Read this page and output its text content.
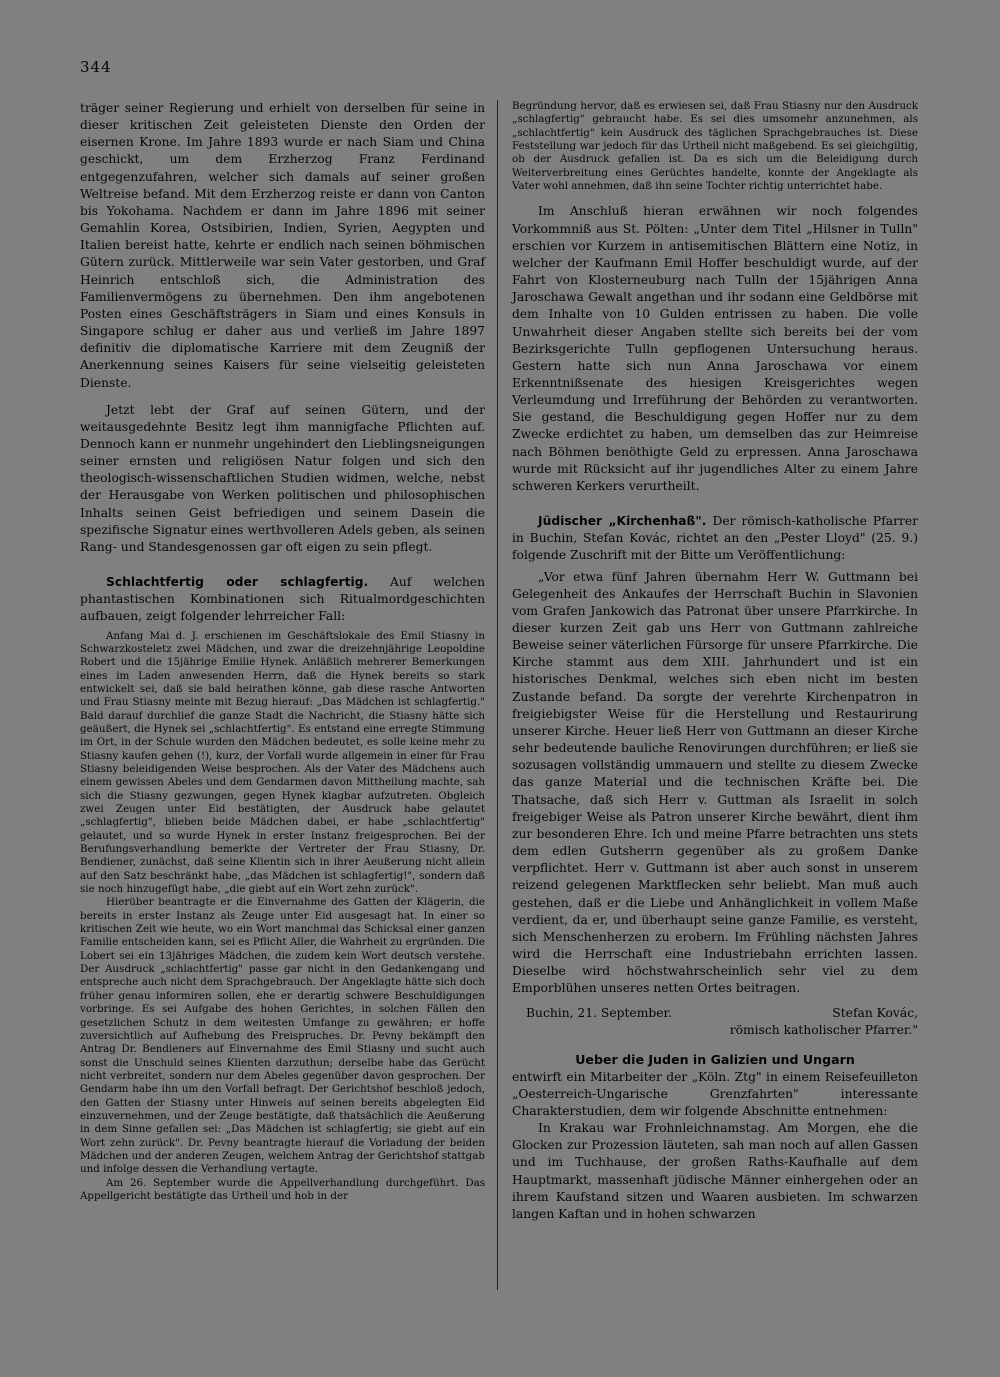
344

träger seiner Regierung und erhielt von derselben für seine in dieser kritischen Zeit geleisteten Dienste den Orden der eisernen Krone. Im Jahre 1893 wurde er nach Siam und China geschickt, um dem Erzherzog Franz Ferdinand entgegenzufahren, welcher sich damals auf seiner großen Weltreise befand. Mit dem Erzherzog reiste er dann von Canton bis Yokohama. Nachdem er dann im Jahre 1896 mit seiner Gemahlin Korea, Ostsibirien, Indien, Syrien, Aegypten und Italien bereist hatte, kehrte er endlich nach seinen böhmischen Gütern zurück. Mittlerweile war sein Vater gestorben, und Graf Heinrich entschloß sich, die Administration des Familienvermögens zu übernehmen. Den ihm angebotenen Posten eines Geschäftsträgers in Siam und eines Konsuls in Singapore schlug er daher aus und verließ im Jahre 1897 definitiv die diplomatische Karriere mit dem Zeugniß der Anerkennung seines Kaisers für seine vielseitig geleisteten Dienste.

Jetzt lebt der Graf auf seinen Gütern, und der weitausgedehnte Besitz legt ihm mannigfache Pflichten auf. Dennoch kann er nunmehr ungehindert den Lieblingsneigungen seiner ernsten und religiösen Natur folgen und sich den theologisch-wissenschaftlichen Studien widmen, welche, nebst der Herausgabe von Werken politischen und philosophischen Inhalts seinen Geist befriedigen und seinem Dasein die spezifische Signatur eines werthvolleren Adels geben, als seinen Rang- und Standesgenossen gar oft eigen zu sein pflegt.

Schlachtfertig oder schlagfertig. Auf welchen phantastischen Kombinationen sich Ritualmordgeschichten aufbauen, zeigt folgender lehrreicher Fall:

Anfang Mai d. J. erschienen im Geschäftslokale des Emil Stiasny in Schwarzkosteletz zwei Mädchen, und zwar die dreizehnjährige Leopoldine Robert und die 15jährige Emilie Hynek. Anläßlich mehrerer Bemerkungen eines im Laden anwesenden Herrn, daß die Hynek bereits so stark entwickelt sei, daß sie bald heirathen könne, gab diese rasche Antworten und Frau Stiasny meinte mit Bezug hierauf: „Das Mädchen ist schlagfertig." Bald darauf durchlief die ganze Stadt die Nachricht, die Stiasny hätte sich geäußert, die Hynek sei „schlachtfertig". Es entstand eine erregte Stimmung im Ort, in der Schule wurden den Mädchen bedeutet, es solle keine mehr zu Stiasny kaufen gehen (!), kurz, der Vorfall wurde allgemein in einer für Frau Stiasny beleidigenden Weise besprochen. Als der Vater des Mädchens auch einem gewissen Abeles und dem Gendarmen davon Mittheilung machte, sah sich die Stiasny gezwungen, gegen Hynek klagbar aufzutreten. Obgleich zwei Zeugen unter Eid bestätigten, der Ausdruck habe gelautet „schlagfertig", blieben beide Mädchen dabei, er habe „schlachtfertig" gelautet, und so wurde Hynek in erster Instanz freigesprochen. Bei der Berufungsverhandlung bemerkte der Vertreter der Frau Stiasny, Dr. Bendiener, zunächst, daß seine Klientin sich in ihrer Aeußerung nicht allein auf den Satz beschränkt habe, „das Mädchen ist schlagfertig!", sondern daß sie noch hinzugefügt habe, „die giebt auf ein Wort zehn zurück".

Hierüber beantragte er die Einvernahme des Gatten der Klägerin, die bereits in erster Instanz als Zeuge unter Eid ausgesagt hat. In einer so kritischen Zeit wie heute, wo ein Wort manchmal das Schicksal einer ganzen Familie entscheiden kann, sei es Pflicht Aller, die Wahrheit zu ergründen. Die Lobert sei ein 13jähriges Mädchen, die zudem kein Wort deutsch verstehe. Der Ausdruck „schlachtfertig" passe gar nicht in den Gedankengang und entspreche auch nicht dem Sprachgebrauch. Der Angeklagte hätte sich doch früher genau informiren sollen, ehe er derartig schwere Beschuldigungen vorbringe. Es sei Aufgabe des hohen Gerichtes, in solchen Fällen den gesetzlichen Schutz in dem weitesten Umfange zu gewähren; er hoffe zuversichtlich auf Aufhebung des Freispruches. Dr. Pevny bekämpft den Antrag Dr. Bendieners auf Einvernahme des Emil Stiasny und sucht auch sonst die Unschuld seines Klienten darzuthun; derselbe habe das Gerücht nicht verbreitet, sondern nur dem Abeles gegenüber davon gesprochen. Der Gendarm habe ihn um den Vorfall befragt. Der Gerichtshof beschloß jedoch, den Gatten der Stiasny unter Hinweis auf seinen bereits abgelegten Eid einzuvernehmen, und der Zeuge bestätigte, daß thatsächlich die Aeußerung in dem Sinne gefallen sei: „Das Mädchen ist schlagfertig; sie giebt auf ein Wort zehn zurück". Dr. Pevny beantragte hierauf die Vorladung der beiden Mädchen und der anderen Zeugen, welchem Antrag der Gerichtshof stattgab und infolge dessen die Verhandlung vertagte.

Am 26. September wurde die Appellverhandlung durchgeführt. Das Appellgericht bestätigte das Urtheil und hob in der

Begründung hervor, daß es erwiesen sei, daß Frau Stiasny nur den Ausdruck „schlagfertig" gebraucht habe. Es sei dies umsomehr anzunehmen, als „schlachtfertig" kein Ausdruck des täglichen Sprachgebrauches ist. Diese Feststellung war jedoch für das Urtheil nicht maßgebend. Es sei gleichgiltig, ob der Ausdruck gefallen ist. Da es sich um die Beleidigung durch Weiterverbreitung eines Gerüchtes handelte, konnte der Angeklagte als Vater wohl annehmen, daß ihn seine Tochter richtig unterrichtet habe.

Im Anschluß hieran erwähnen wir noch folgendes Vorkommniß aus St. Pölten: „Unter dem Titel „Hilsner in Tulln" erschien vor Kurzem in antisemitischen Blättern eine Notiz, in welcher der Kaufmann Emil Hoffer beschuldigt wurde, auf der Fahrt von Klosterneuburg nach Tulln der 15jährigen Anna Jaroschawa Gewalt angethan und ihr sodann eine Geldbörse mit dem Inhalte von 10 Gulden entrissen zu haben. Die volle Unwahrheit dieser Angaben stellte sich bereits bei der vom Bezirksgerichte Tulln gepflogenen Untersuchung heraus. Gestern hatte sich nun Anna Jaroschawa vor einem Erkenntnißsenate des hiesigen Kreisgerichtes wegen Verleumdung und Irreführung der Behörden zu verantworten. Sie gestand, die Beschuldigung gegen Hoffer nur zu dem Zwecke erdichtet zu haben, um demselben das zur Heimreise nach Böhmen benöthigte Geld zu erpressen. Anna Jaroschawa wurde mit Rücksicht auf ihr jugendliches Alter zu einem Jahre schweren Kerkers verurtheilt.

Jüdischer „Kirchenhaß". Der römisch-katholische Pfarrer in Buchin, Stefan Kovác, richtet an den „Pester Lloyd" (25. 9.) folgende Zuschrift mit der Bitte um Veröffentlichung:

„Vor etwa fünf Jahren übernahm Herr W. Guttmann bei Gelegenheit des Ankaufes der Herrschaft Buchin in Slavonien vom Grafen Jankowich das Patronat über unsere Pfarrkirche. In dieser kurzen Zeit gab uns Herr von Guttmann zahlreiche Beweise seiner väterlichen Fürsorge für unsere Pfarrkirche. Die Kirche stammt aus dem XIII. Jahrhundert und ist ein historisches Denkmal, welches sich eben nicht im besten Zustande befand. Da sorgte der verehrte Kirchenpatron in freigiebigster Weise für die Herstellung und Restaurirung unserer Kirche. Heuer ließ Herr von Guttmann an dieser Kirche sehr bedeutende bauliche Renovirungen durchführen; er ließ sie sozusagen vollständig ummauern und stellte zu diesem Zwecke das ganze Material und die technischen Kräfte bei. Die Thatsache, daß sich Herr v. Guttman als Israelit in solch freigebiger Weise als Patron unserer Kirche bewährt, dient ihm zur besonderen Ehre. Ich und meine Pfarre betrachten uns stets dem edlen Gutsherrn gegenüber als zu großem Danke verpflichtet. Herr v. Guttmann ist aber auch sonst in unserem reizend gelegenen Marktflecken sehr beliebt. Man muß auch gestehen, daß er die Liebe und Anhänglichkeit in vollem Maße verdient, da er, und überhaupt seine ganze Familie, es versteht, sich Menschenherzen zu erobern. Im Frühling nächsten Jahres wird die Herrschaft eine Industriebahn errichten lassen. Dieselbe wird höchstwahrscheinlich sehr viel zu dem Emporblühen unseres netten Ortes beitragen.

Buchin, 21. September.	Stefan Kovác,
römisch katholischer Pfarrer."
Ueber die Juden in Galizien und Ungarn

entwirft ein Mitarbeiter der „Köln. Ztg" in einem Reisefeuilleton „Oesterreich-Ungarische Grenzfahrten" interessante Charakterstudien, dem wir folgende Abschnitte entnehmen:

In Krakau war Frohnleichnamstag. Am Morgen, ehe die Glocken zur Prozession läuteten, sah man noch auf allen Gassen und im Tuchhause, der großen Raths-Kaufhalle auf dem Hauptmarkt, massenhaft jüdische Männer einhergehen oder an ihrem Kaufstand sitzen und Waaren ausbieten. Im schwarzen langen Kaftan und in hohen schwarzen
